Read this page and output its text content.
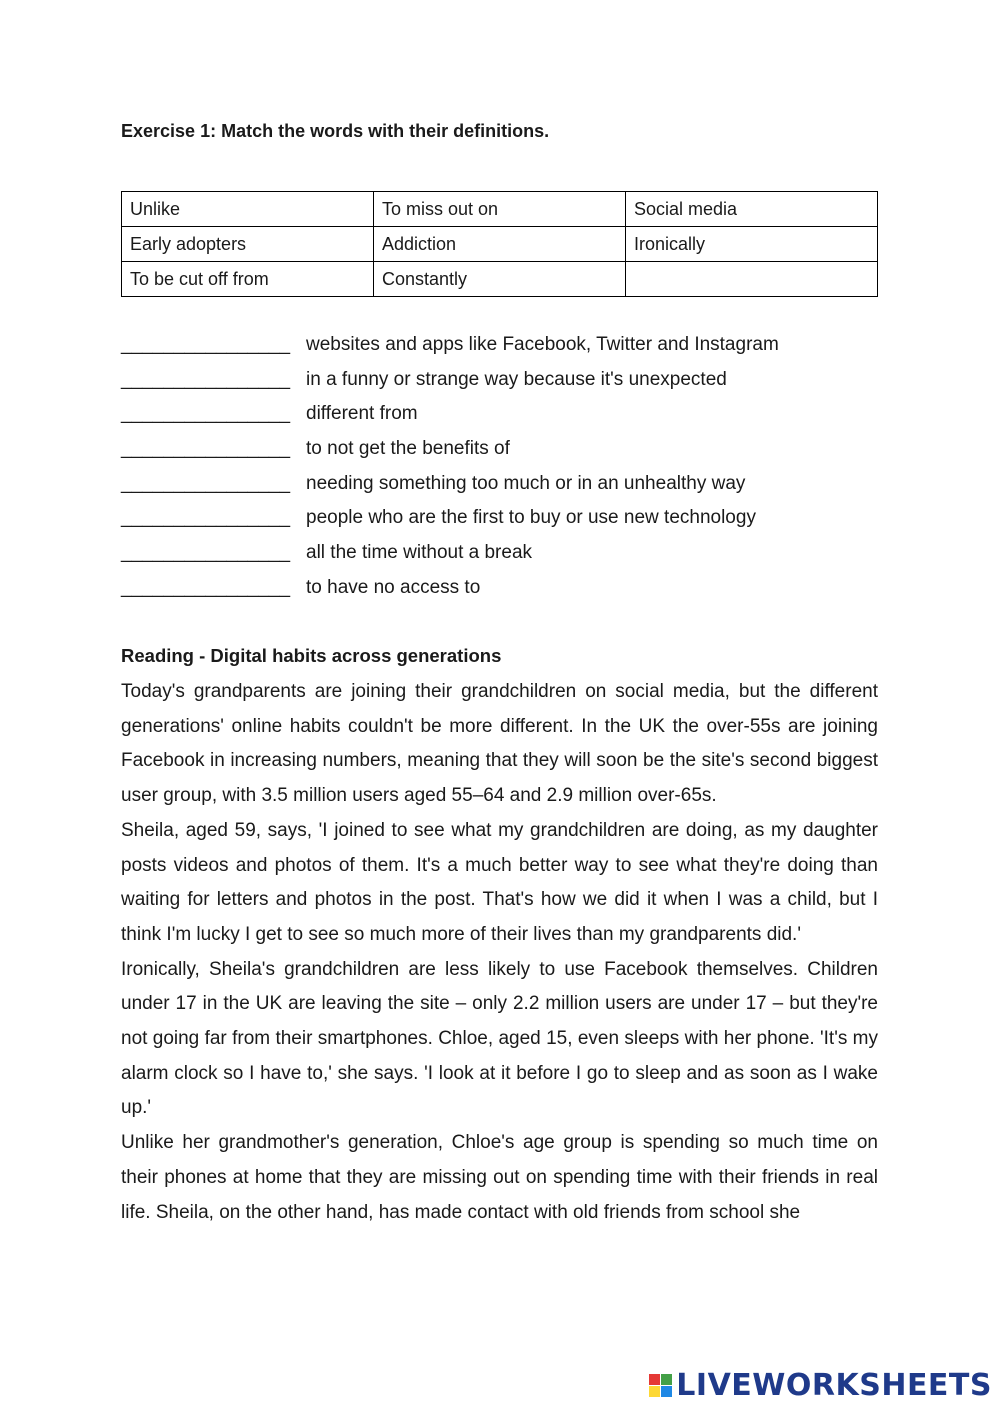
Exercise 1: Match the words with their definitions.
Unlike	To miss out on	Social media
Early adopters	Addiction	Ironically
To be cut off from	Constantly	
________________ websites and apps like Facebook, Twitter and Instagram
________________ in a funny or strange way because it's unexpected
________________ different from
________________ to not get the benefits of
________________ needing something too much or in an unhealthy way
________________ people who are the first to buy or use new technology
________________ all the time without a break
________________ to have no access to
Reading - Digital habits across generations

Today's grandparents are joining their grandchildren on social media, but the different generations' online habits couldn't be more different. In the UK the over-55s are joining Facebook in increasing numbers, meaning that they will soon be the site's second biggest user group, with 3.5 million users aged 55–64 and 2.9 million over-65s.

Sheila, aged 59, says, 'I joined to see what my grandchildren are doing, as my daughter posts videos and photos of them. It's a much better way to see what they're doing than waiting for letters and photos in the post. That's how we did it when I was a child, but I think I'm lucky I get to see so much more of their lives than my grandparents did.'

Ironically, Sheila's grandchildren are less likely to use Facebook themselves. Children under 17 in the UK are leaving the site – only 2.2 million users are under 17 – but they're not going far from their smartphones. Chloe, aged 15, even sleeps with her phone. 'It's my alarm clock so I have to,' she says. 'I look at it before I go to sleep and as soon as I wake up.'

Unlike her grandmother's generation, Chloe's age group is spending so much time on their phones at home that they are missing out on spending time with their friends in real life. Sheila, on the other hand, has made contact with old friends from school she

LIVEWORKSHEETS
